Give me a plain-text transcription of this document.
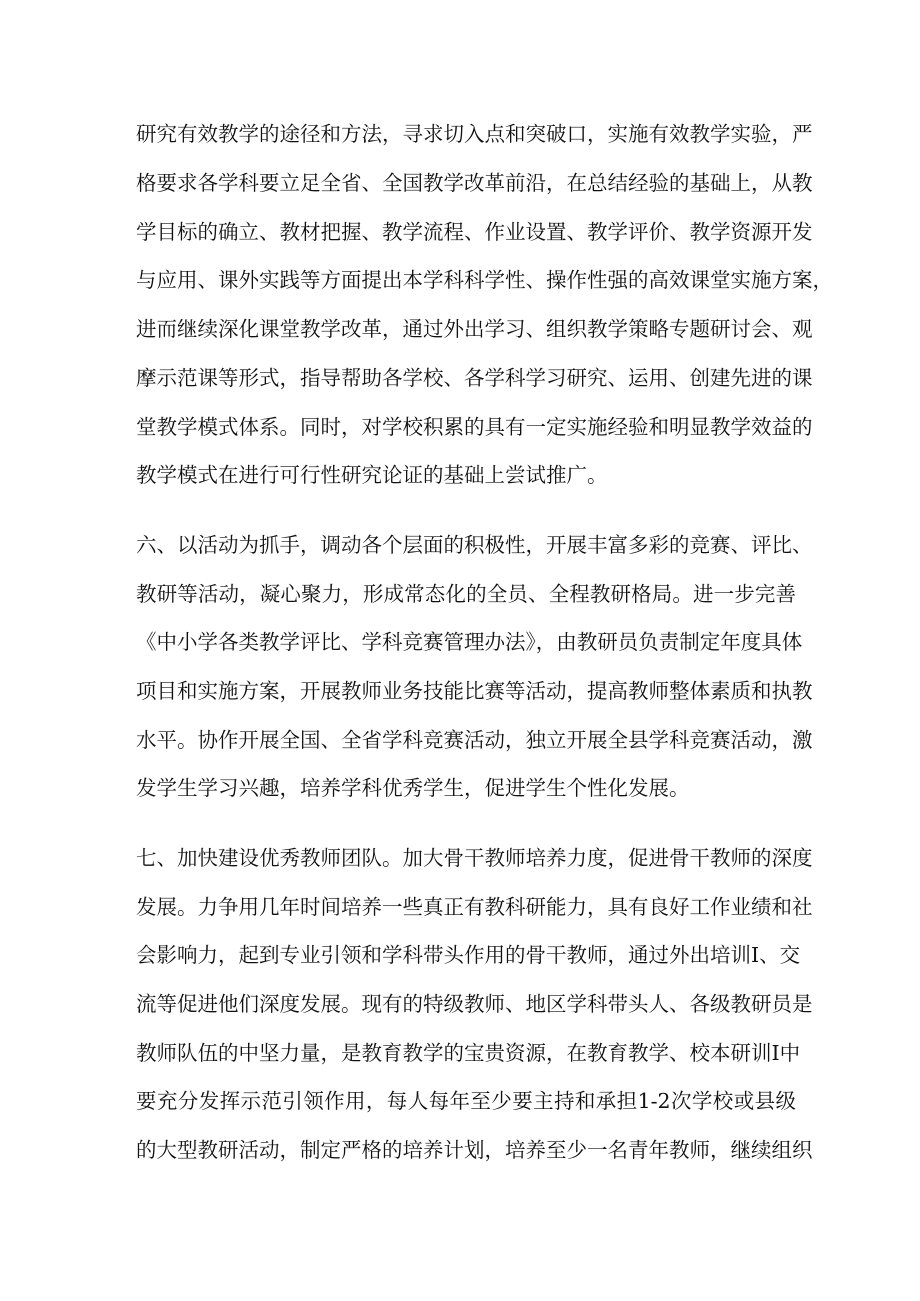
研究有效教学的途径和方法，寻求切入点和突破口，实施有效教学实验，严
格要求各学科要立足全省、全国教学改革前沿，在总结经验的基础上，从教
学目标的确立、教材把握、教学流程、作业设置、教学评价、教学资源开发
与应用、课外实践等方面提出本学科科学性、操作性强的高效课堂实施方案，
进而继续深化课堂教学改革，通过外出学习、组织教学策略专题研讨会、观
摩示范课等形式，指导帮助各学校、各学科学习研究、运用、创建先进的课
堂教学模式体系。同时，对学校积累的具有一定实施经验和明显教学效益的
教学模式在进行可行性研究论证的基础上尝试推广。
六、以活动为抓手，调动各个层面的积极性，开展丰富多彩的竞赛、评比、
教研等活动，凝心聚力，形成常态化的全员、全程教研格局。进一步完善
《中小学各类教学评比、学科竞赛管理办法》，由教研员负责制定年度具体
项目和实施方案，开展教师业务技能比赛等活动，提高教师整体素质和执教
水平。协作开展全国、全省学科竞赛活动，独立开展全县学科竞赛活动，激
发学生学习兴趣，培养学科优秀学生，促进学生个性化发展。
七、加快建设优秀教师团队。加大骨干教师培养力度，促进骨干教师的深度
发展。力争用几年时间培养一些真正有教科研能力，具有良好工作业绩和社
会影响力，起到专业引领和学科带头作用的骨干教师，通过外出培训I、交
流等促进他们深度发展。现有的特级教师、地区学科带头人、各级教研员是
教师队伍的中坚力量，是教育教学的宝贵资源，在教育教学、校本研训I中
要充分发挥示范引领作用，每人每年至少要主持和承担1-2次学校或县级
的大型教研活动，制定严格的培养计划，培养至少一名青年教师，继续组织
